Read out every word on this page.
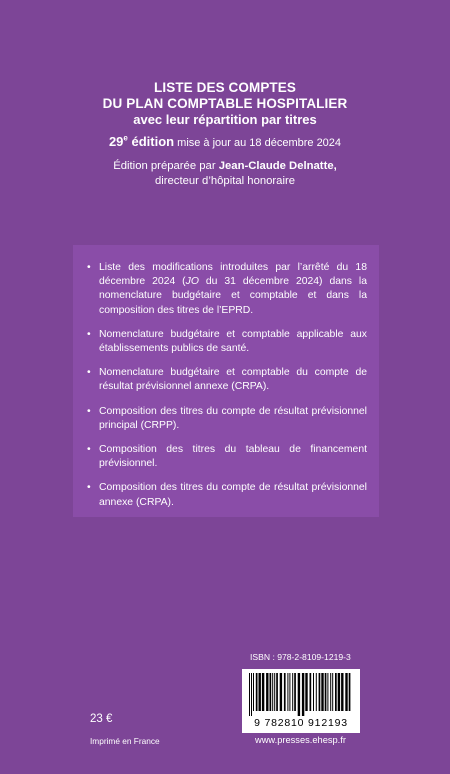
LISTE DES COMPTES
DU PLAN COMPTABLE HOSPITALIER
avec leur répartition par titres
29e édition mise à jour au 18 décembre 2024
Édition préparée par Jean-Claude Delnatte,
directeur d’hôpital honoraire
• Liste des modifications introduites par l’arrêté du 18 décembre 2024 (JO du 31 décembre 2024) dans la nomenclature budgétaire et comptable et dans la composition des titres de l’EPRD.
• Nomenclature budgétaire et comptable applicable aux établissements publics de santé.
• Nomenclature budgétaire et comptable du compte de résultat prévisionnel annexe (CRPA).
• Composition des titres du compte de résultat prévisionnel principal (CRPP).
• Composition des titres du tableau de financement prévisionnel.
• Composition des titres du compte de résultat prévisionnel annexe (CRPA).
ISBN : 978-2-8109-1219-3
9 782810 912193
23 €
Imprimé en France	www.presses.ehesp.fr
